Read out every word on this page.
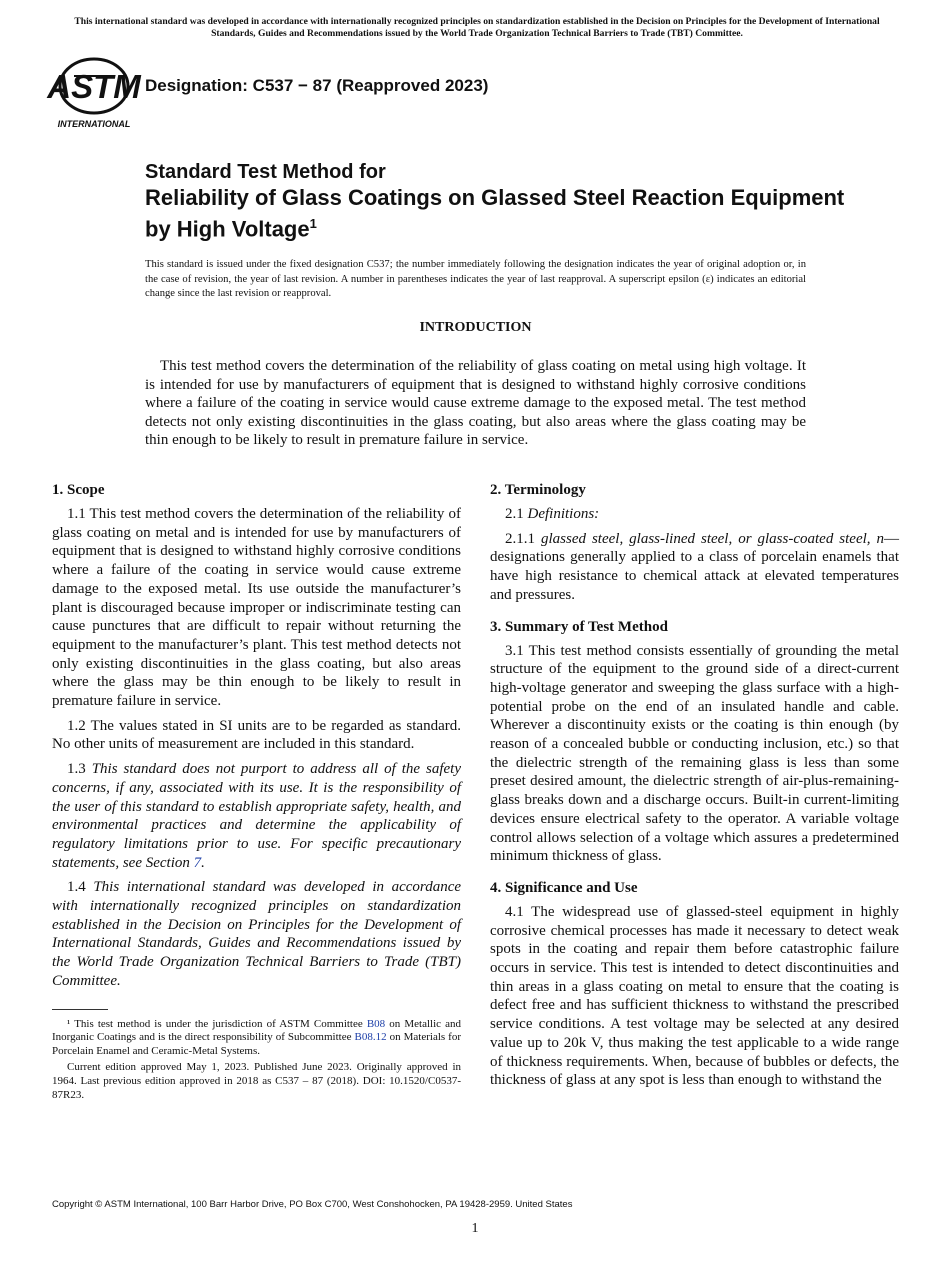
This international standard was developed in accordance with internationally recognized principles on standardization established in the Decision on Principles for the Development of International Standards, Guides and Recommendations issued by the World Trade Organization Technical Barriers to Trade (TBT) Committee.
ASTM
INTERNATIONAL
Designation: C537 − 87 (Reapproved 2023)
Standard Test Method for
Reliability of Glass Coatings on Glassed Steel Reaction Equipment by High Voltage$^1$
This standard is issued under the fixed designation C537; the number immediately following the designation indicates the year of original adoption or, in the case of revision, the year of last revision. A number in parentheses indicates the year of last reapproval. A superscript epsilon (ε) indicates an editorial change since the last revision or reapproval.
INTRODUCTION
This test method covers the determination of the reliability of glass coating on metal using high voltage. It is intended for use by manufacturers of equipment that is designed to withstand highly corrosive conditions where a failure of the coating in service would cause extreme damage to the exposed metal. The test method detects not only existing discontinuities in the glass coating, but also areas where the glass coating may be thin enough to be likely to result in premature failure in service.
1. Scope

1.1 This test method covers the determination of the reliability of glass coating on metal and is intended for use by manufacturers of equipment that is designed to withstand highly corrosive conditions where a failure of the coating in service would cause extreme damage to the exposed metal. Its use outside the manufacturer’s plant is discouraged because improper or indiscriminate testing can cause punctures that are difficult to repair without returning the equipment to the manufacturer’s plant. This test method detects not only existing discontinuities in the glass coating, but also areas where the glass may be thin enough to be likely to result in premature failure in service.

1.2 The values stated in SI units are to be regarded as standard. No other units of measurement are included in this standard.

1.3 This standard does not purport to address all of the safety concerns, if any, associated with its use. It is the responsibility of the user of this standard to establish appropriate safety, health, and environmental practices and determine the applicability of regulatory limitations prior to use. For specific precautionary statements, see Section 7.

1.4 This international standard was developed in accordance with internationally recognized principles on standardization established in the Decision on Principles for the Development of International Standards, Guides and Recommendations issued by the World Trade Organization Technical Barriers to Trade (TBT) Committee.

¹ This test method is under the jurisdiction of ASTM Committee B08 on Metallic and Inorganic Coatings and is the direct responsibility of Subcommittee B08.12 on Materials for Porcelain Enamel and Ceramic-Metal Systems.

Current edition approved May 1, 2023. Published June 2023. Originally approved in 1964. Last previous edition approved in 2018 as C537 – 87 (2018). DOI: 10.1520/C0537-87R23.

2. Terminology

2.1 Definitions:

2.1.1 glassed steel, glass-lined steel, or glass-coated steel, n—designations generally applied to a class of porcelain enamels that have high resistance to chemical attack at elevated temperatures and pressures.

3. Summary of Test Method

3.1 This test method consists essentially of grounding the metal structure of the equipment to the ground side of a direct-current high-voltage generator and sweeping the glass surface with a high-potential probe on the end of an insulated handle and cable. Wherever a discontinuity exists or the coating is thin enough (by reason of a concealed bubble or conducting inclusion, etc.) so that the dielectric strength of the remaining glass is less than some preset desired amount, the dielectric strength of air-plus-remaining-glass breaks down and a discharge occurs. Built-in current-limiting devices ensure electrical safety to the operator. A variable voltage control allows selection of a voltage which assures a predetermined minimum thickness of glass.

4. Significance and Use

4.1 The widespread use of glassed-steel equipment in highly corrosive chemical processes has made it necessary to detect weak spots in the coating and repair them before catastrophic failure occurs in service. This test is intended to detect discontinuities and thin areas in a glass coating on metal to ensure that the coating is defect free and has sufficient thickness to withstand the prescribed service conditions. A test voltage may be selected at any desired value up to 20k V, thus making the test applicable to a wide range of thickness requirements. When, because of bubbles or defects, the thickness of glass at any spot is less than enough to withstand the

Copyright © ASTM International, 100 Barr Harbor Drive, PO Box C700, West Conshohocken, PA 19428-2959. United States
1
